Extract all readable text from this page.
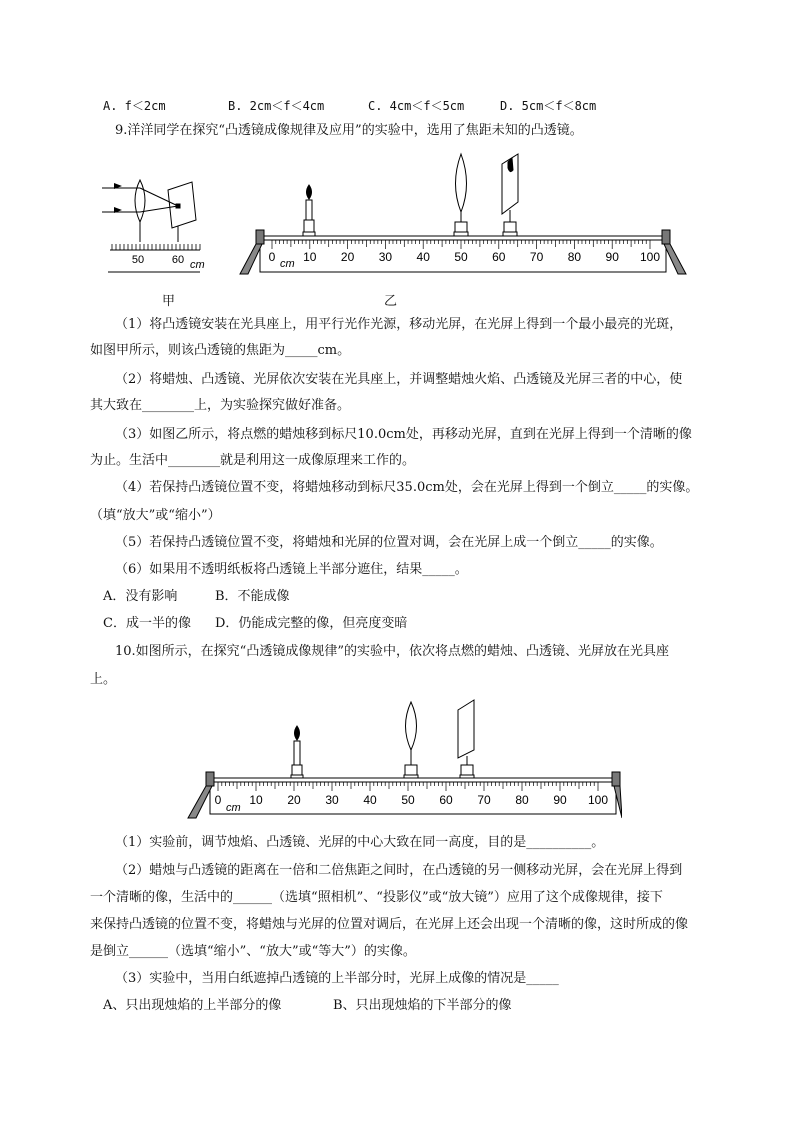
A. f＜2cm	B. 2cm＜f＜4cm	C. 4cm＜f＜5cm	D. 5cm＜f＜8cm
9.洋洋同学在探究“凸透镜成像规律及应用”的实验中，选用了焦距未知的凸透镜。
50	60 cm
甲
0 10 20 30 40 50 60 70 80 90 100
cm
乙
（1）将凸透镜安装在光具座上，用平行光作光源，移动光屏，在光屏上得到一个最小最亮的光斑，
如图甲所示，则该凸透镜的焦距为_____cm。
（2）将蜡烛、凸透镜、光屏依次安装在光具座上，并调整蜡烛火焰、凸透镜及光屏三者的中心，使
其大致在________上，为实验探究做好准备。
（3）如图乙所示，将点燃的蜡烛移到标尺10.0cm处，再移动光屏，直到在光屏上得到一个清晰的像
为止。生活中________就是利用这一成像原理来工作的。
（4）若保持凸透镜位置不变，将蜡烛移动到标尺35.0cm处，会在光屏上得到一个倒立_____的实像。
（填“放大”或“缩小”）
（5）若保持凸透镜位置不变，将蜡烛和光屏的位置对调，会在光屏上成一个倒立_____的实像。
（6）如果用不透明纸板将凸透镜上半部分遮住，结果_____。
A．没有影响	B．不能成像
C．成一半的像 D．仍能成完整的像，但亮度变暗
10.如图所示，在探究“凸透镜成像规律”的实验中，依次将点燃的蜡烛、凸透镜、光屏放在光具座
上。
0 10 20 30 40 50 60 70 80 90 100
cm
（1）实验前，调节烛焰、凸透镜、光屏的中心大致在同一高度，目的是__________。
（2）蜡烛与凸透镜的距离在一倍和二倍焦距之间时，在凸透镜的另一侧移动光屏，会在光屏上得到
一个清晰的像，生活中的______（选填“照相机”、“投影仪”或“放大镜”）应用了这个成像规律，接下
来保持凸透镜的位置不变，将蜡烛与光屏的位置对调后，在光屏上还会出现一个清晰的像，这时所成的像
是倒立______（选填“缩小”、“放大”或“等大”）的实像。
（3）实验中，当用白纸遮掉凸透镜的上半部分时，光屏上成像的情况是_____
A、只出现烛焰的上半部分的像	B、只出现烛焰的下半部分的像
